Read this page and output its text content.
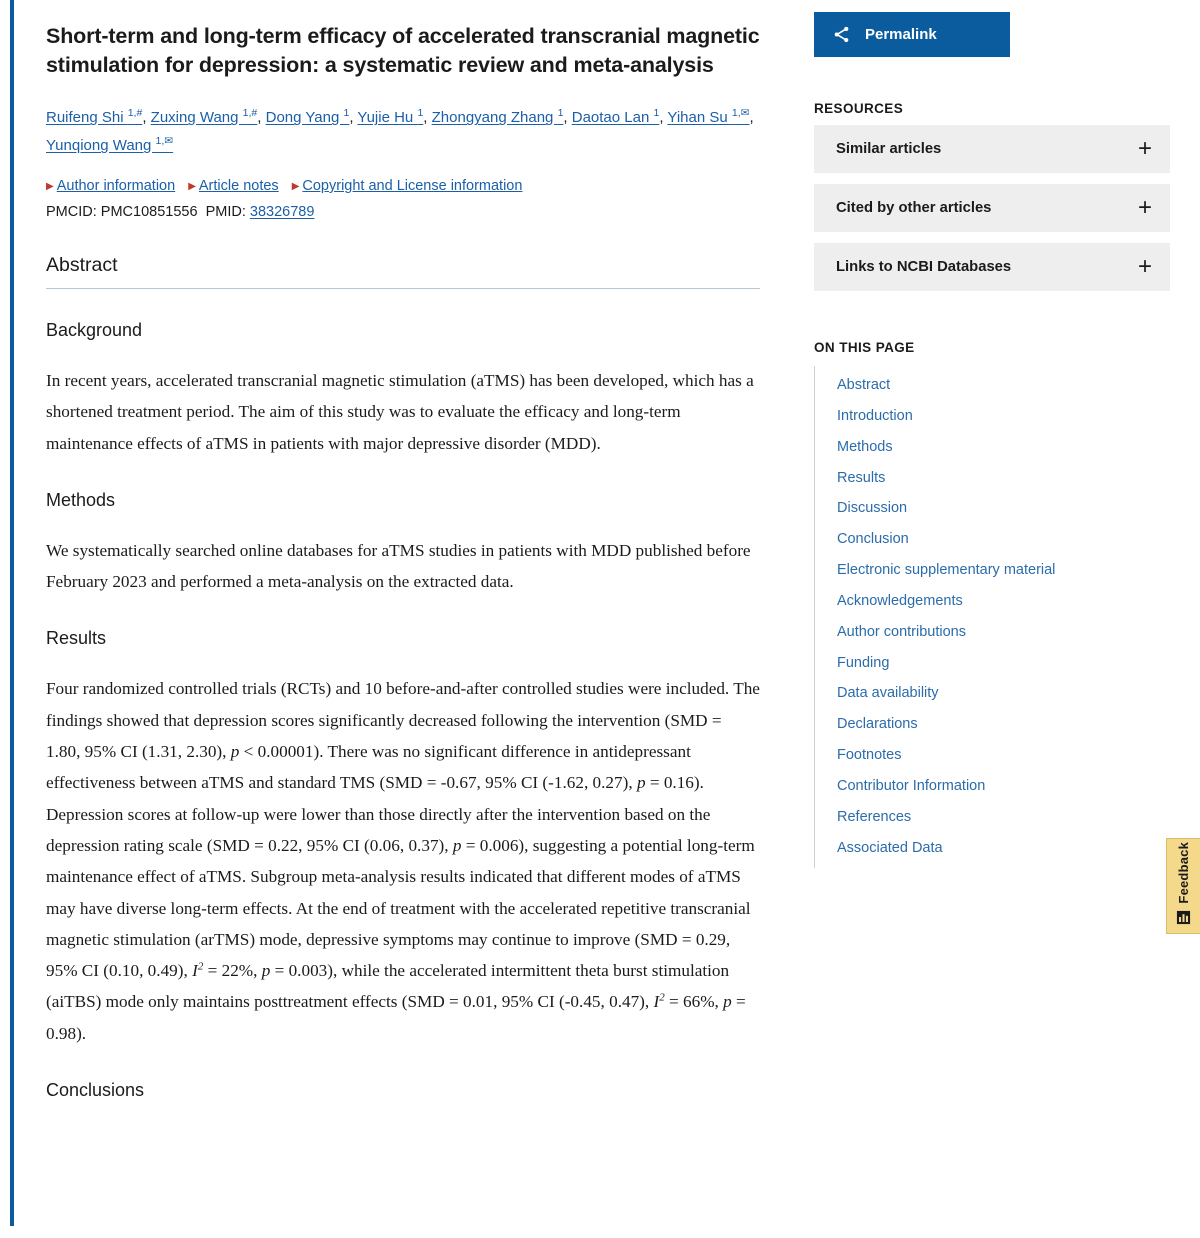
Short-term and long-term efficacy of accelerated transcranial magnetic stimulation for depression: a systematic review and meta-analysis
Ruifeng Shi $^{1,\#}$, Zuxing Wang $^{1,\#}$, Dong Yang $^1$, Yujie Hu $^1$, Zhongyang Zhang $^1$, Daotao Lan $^1$, Yihan Su $^{1,✉}$, Yunqiong Wang $^{1,✉}$
▶ Author information ▶ Article notes ▶ Copyright and License information
PMCID: PMC10851556 PMID: 38326789
Abstract
Background

In recent years, accelerated transcranial magnetic stimulation (aTMS) has been developed, which has a shortened treatment period. The aim of this study was to evaluate the efficacy and long-term maintenance effects of aTMS in patients with major depressive disorder (MDD).

Methods

We systematically searched online databases for aTMS studies in patients with MDD published before February 2023 and performed a meta-analysis on the extracted data.

Results

Four randomized controlled trials (RCTs) and 10 before-and-after controlled studies were included. The findings showed that depression scores significantly decreased following the intervention (SMD = 1.80, 95% CI (1.31, 2.30), p < 0.00001). There was no significant difference in antidepressant effectiveness between aTMS and standard TMS (SMD = -0.67, 95% CI (-1.62, 0.27), p = 0.16). Depression scores at follow-up were lower than those directly after the intervention based on the depression rating scale (SMD = 0.22, 95% CI (0.06, 0.37), p = 0.006), suggesting a potential long-term maintenance effect of aTMS. Subgroup meta-analysis results indicated that different modes of aTMS may have diverse long-term effects. At the end of treatment with the accelerated repetitive transcranial magnetic stimulation (arTMS) mode, depressive symptoms may continue to improve (SMD = 0.29, 95% CI (0.10, 0.49), $I^2 = 22\%$, p = 0.003), while the accelerated intermittent theta burst stimulation (aiTBS) mode only maintains posttreatment effects (SMD = 0.01, 95% CI (-0.45, 0.47), $I^2 = 66\%$, p = 0.98).

Conclusions
Permalink
RESOURCES
Similar articles	+
Cited by other articles	+
Links to NCBI Databases	+
ON THIS PAGE
Abstract
Introduction
Methods
Results
Discussion
Conclusion
Electronic supplementary material
Acknowledgements
Author contributions
Funding
Data availability
Declarations
Footnotes
Contributor Information
References
Associated Data	Feedback
